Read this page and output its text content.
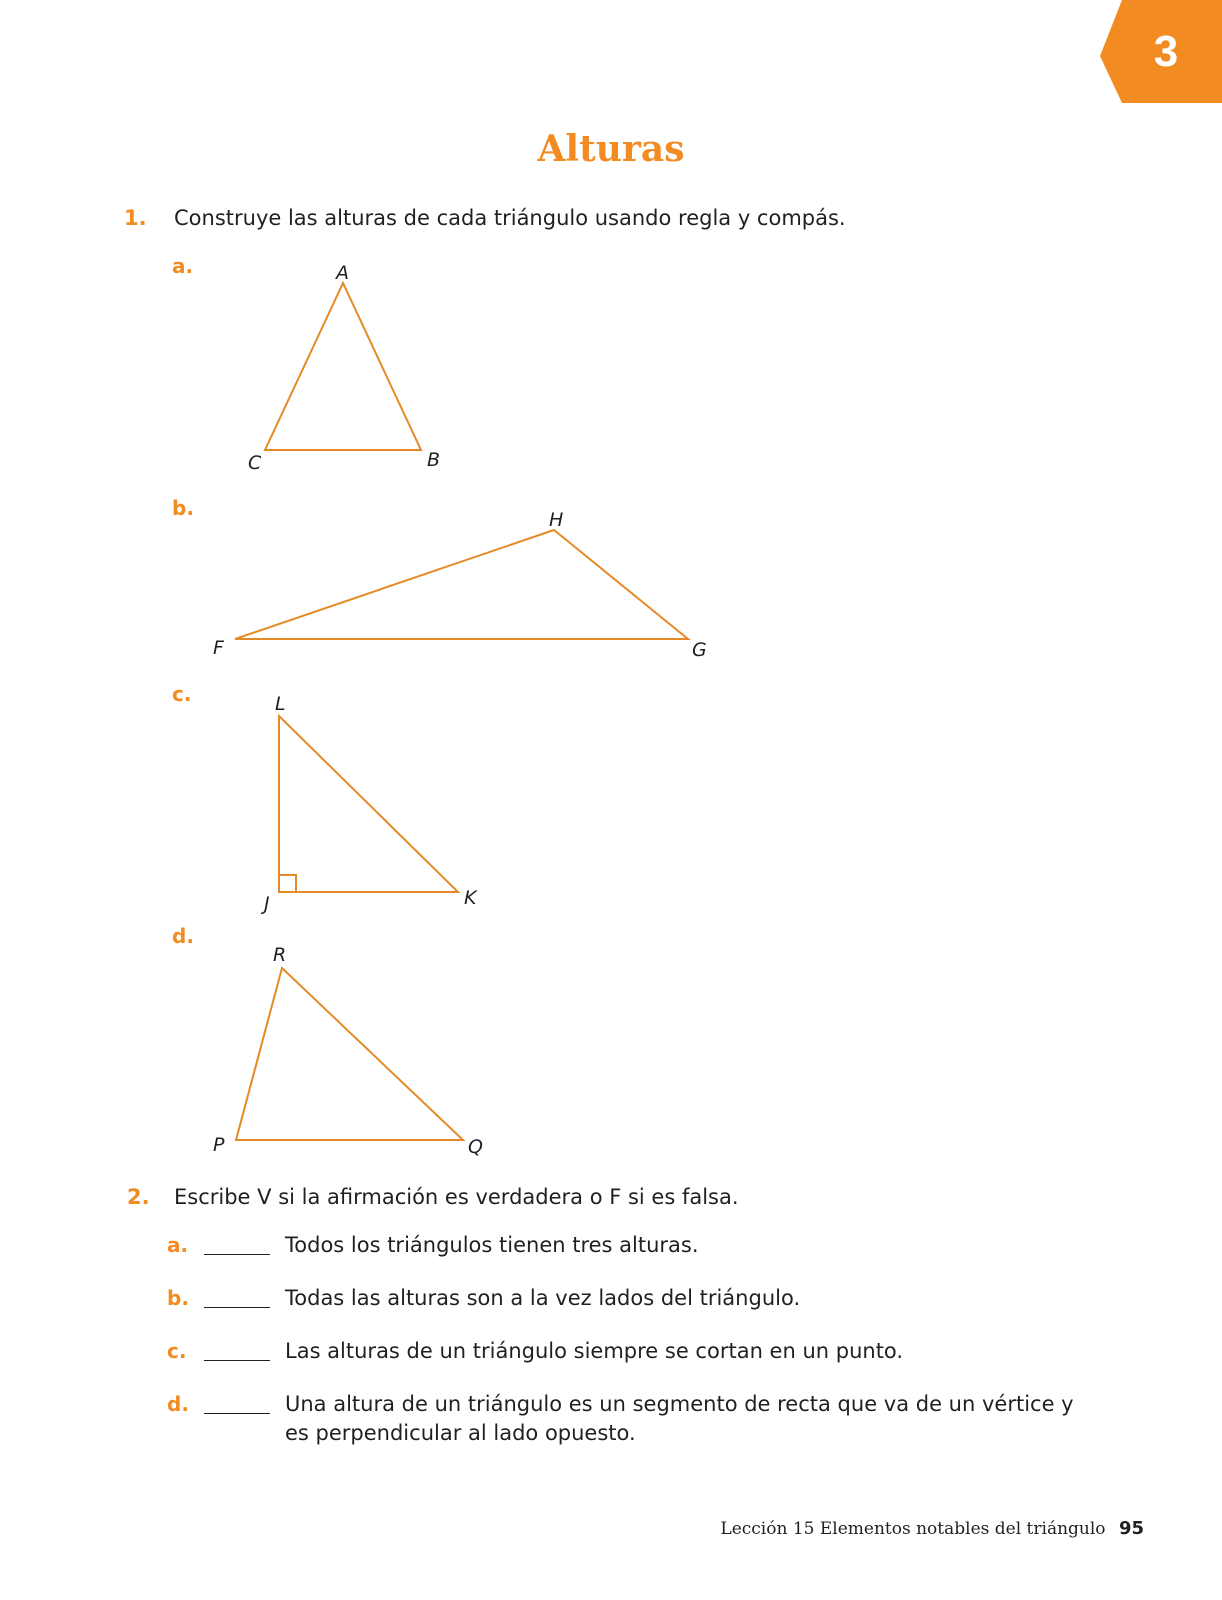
3
Alturas
1. Construye las alturas de cada triángulo usando regla y compás.
a.
b.
c.
d.
A
C	B
H
F	G
L
J	K
R
P	Q
2. Escribe V si la afirmación es verdadera o F si es falsa.
a.	Todos los triángulos tienen tres alturas.
b.	Todas las alturas son a la vez lados del triángulo.
c.	Las alturas de un triángulo siempre se cortan en un punto.
d.	Una altura de un triángulo es un segmento de recta que va de un vértice y es perpendicular al lado opuesto.
Lección 15 Elementos notables del triángulo 95
